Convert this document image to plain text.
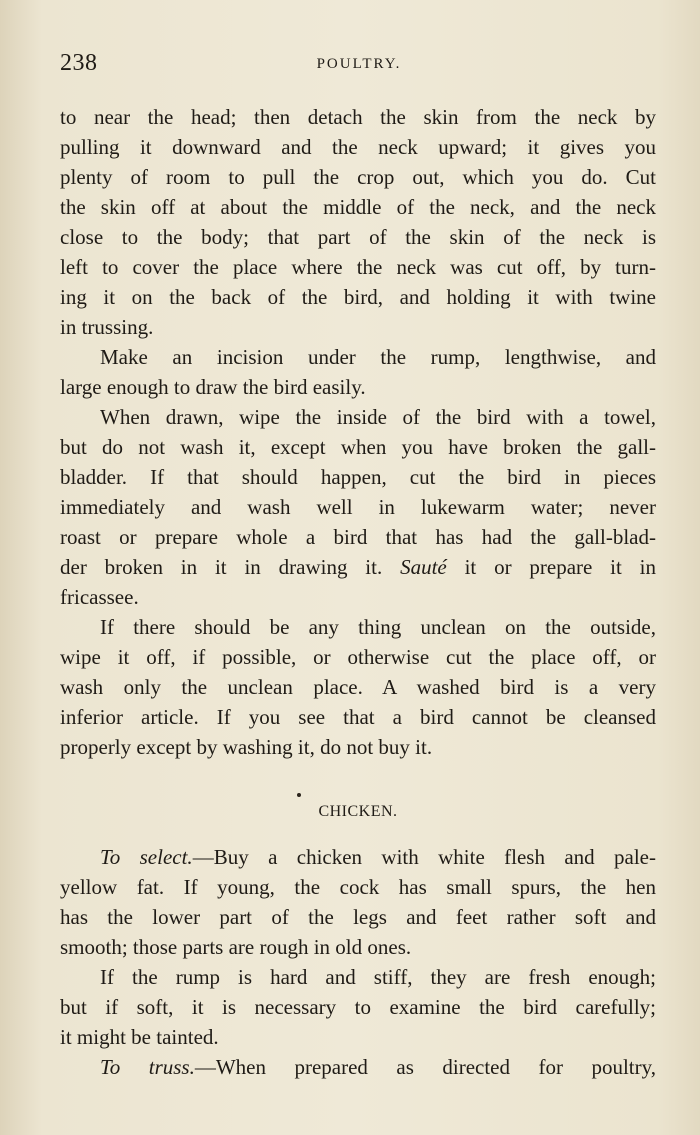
238	POULTRY.
to near the head; then detach the skin from the neck by
pulling it downward and the neck upward; it gives you
plenty of room to pull the crop out, which you do. Cut
the skin off at about the middle of the neck, and the neck
close to the body; that part of the skin of the neck is
left to cover the place where the neck was cut off, by turn-
ing it on the back of the bird, and holding it with twine
in trussing.
Make an incision under the rump, lengthwise, and
large enough to draw the bird easily.
When drawn, wipe the inside of the bird with a towel,
but do not wash it, except when you have broken the gall-
bladder. If that should happen, cut the bird in pieces
immediately and wash well in lukewarm water; never
roast or prepare whole a bird that has had the gall-blad-
der broken in it in drawing it. Sauté it or prepare it in
fricassee.
If there should be any thing unclean on the outside,
wipe it off, if possible, or otherwise cut the place off, or
wash only the unclean place. A washed bird is a very
inferior article. If you see that a bird cannot be cleansed
properly except by washing it, do not buy it.
CHICKEN.
To select.—Buy a chicken with white flesh and pale-
yellow fat. If young, the cock has small spurs, the hen
has the lower part of the legs and feet rather soft and
smooth; those parts are rough in old ones.
If the rump is hard and stiff, they are fresh enough;
but if soft, it is necessary to examine the bird carefully;
it might be tainted.
To truss.—When prepared as directed for poultry,
